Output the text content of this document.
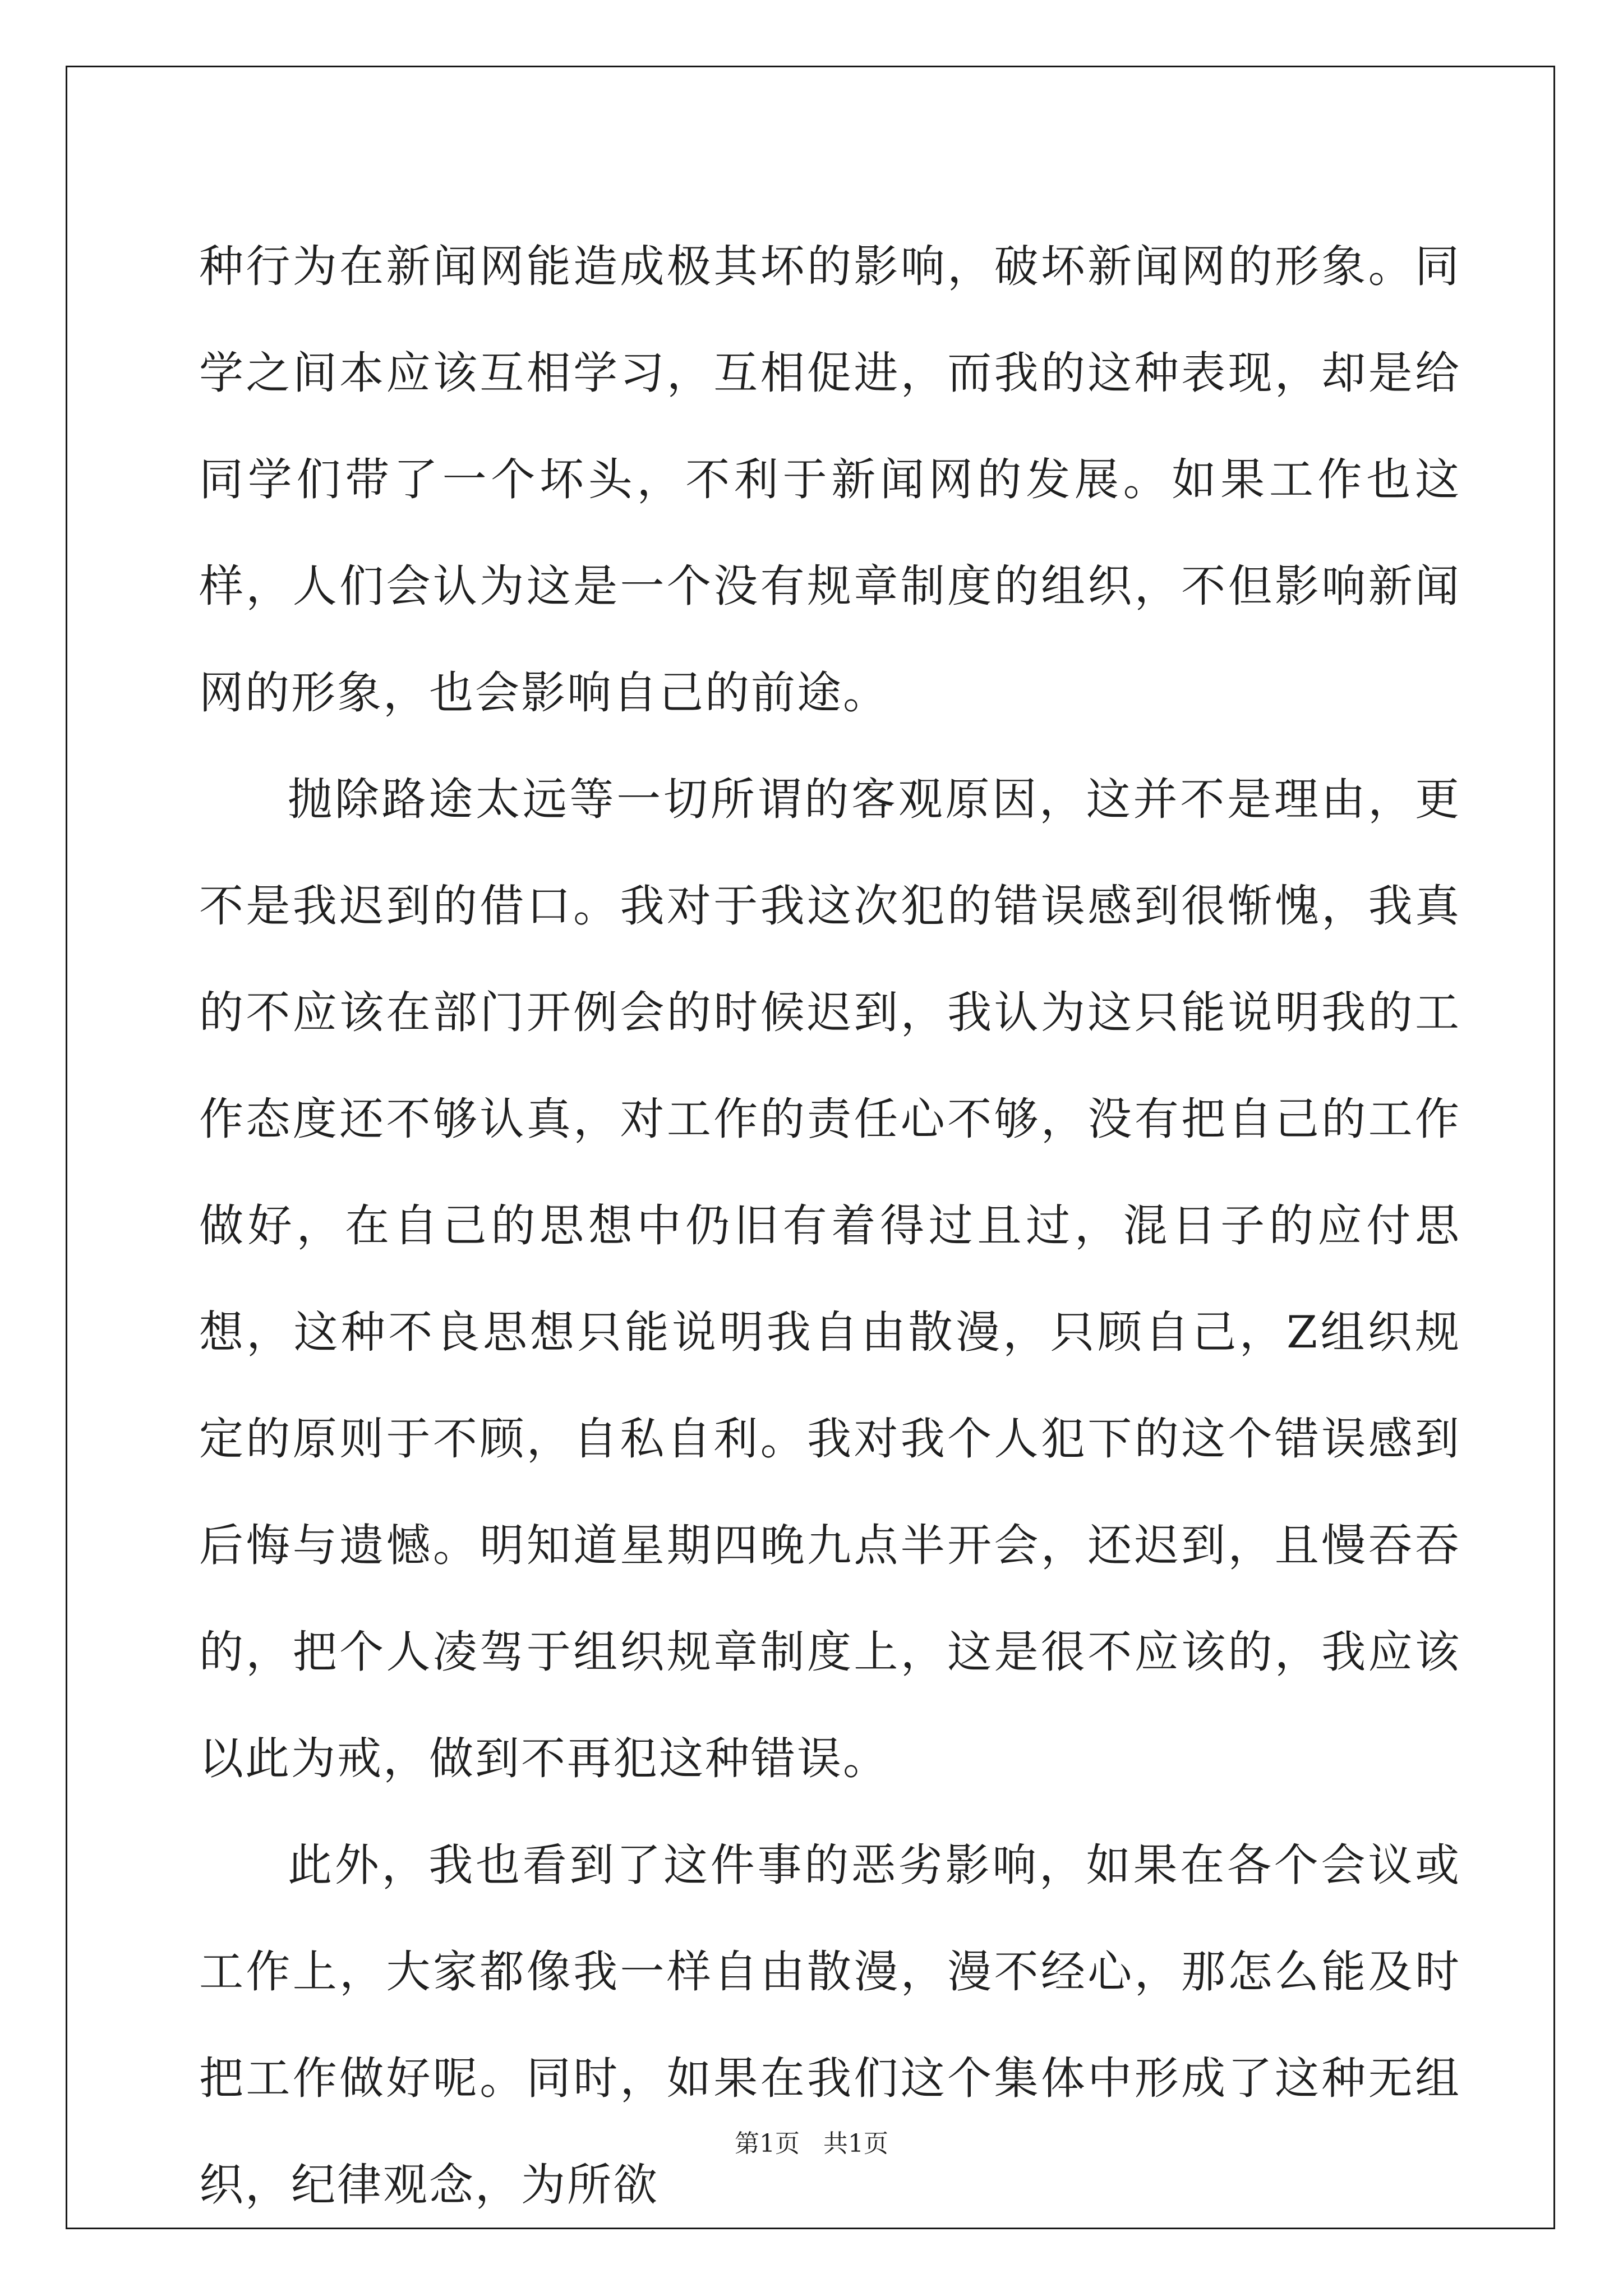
种行为在新闻网能造成极其坏的影响，破坏新闻网的形象。同学之间本应该互相学习，互相促进，而我的这种表现，却是给同学们带了一个坏头，不利于新闻网的发展。如果工作也这样，人们会认为这是一个没有规章制度的组织，不但影响新闻网的形象，也会影响自己的前途。

抛除路途太远等一切所谓的客观原因，这并不是理由，更不是我迟到的借口。我对于我这次犯的错误感到很惭愧，我真的不应该在部门开例会的时候迟到，我认为这只能说明我的工作态度还不够认真，对工作的责任心不够，没有把自己的工作做好，在自己的思想中仍旧有着得过且过，混日子的应付思想，这种不良思想只能说明我自由散漫，只顾自己，Z组织规定的原则于不顾，自私自利。我对我个人犯下的这个错误感到后悔与遗憾。明知道星期四晚九点半开会，还迟到，且慢吞吞的，把个人凌驾于组织规章制度上，这是很不应该的，我应该以此为戒，做到不再犯这种错误。

此外，我也看到了这件事的恶劣影响，如果在各个会议或工作上，大家都像我一样自由散漫，漫不经心，那怎么能及时把工作做好呢。同时，如果在我们这个集体中形成了这种无组织，纪律观念，为所欲

第1页   共1页
